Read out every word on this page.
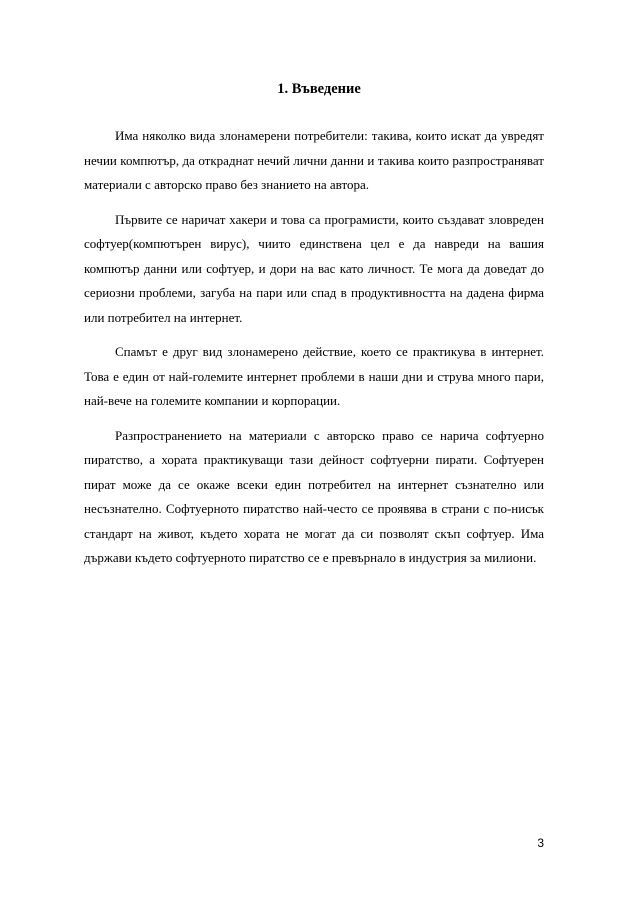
1. Въведение

Има няколко вида злонамерени потребители: такива, които искат да увредят нечии компютър, да откраднат нечий лични данни и такива които разпространяват материали с авторско право без знанието на автора.

Първите се наричат хакери и това са програмисти, които създават зловреден софтуер(компютърен вирус), чиито единствена цел е да навреди на вашия компютър данни или софтуер, и дори на вас като личност. Те мога да доведат до сериозни проблеми, загуба на пари или спад в продуктивността на дадена фирма или потребител на интернет.

Спамът е друг вид злонамерено действие, което се практикува в интернет. Това е един от най-големите интернет проблеми в наши дни и струва много пари, най-вече на големите компании и корпорации.

Разпространението на материали с авторско право се нарича софтуерно пиратство, а хората практикуващи тази дейност софтуерни пирати. Софтуерен пират може да се окаже всеки един потребител на интернет съзнателно или несъзнателно. Софтуерното пиратство най-често се проявява в страни с по-нисък стандарт на живот, където хората не могат да си позволят скъп софтуер. Има държави където софтуерното пиратство се е превърнало в индустрия за милиони.

3
